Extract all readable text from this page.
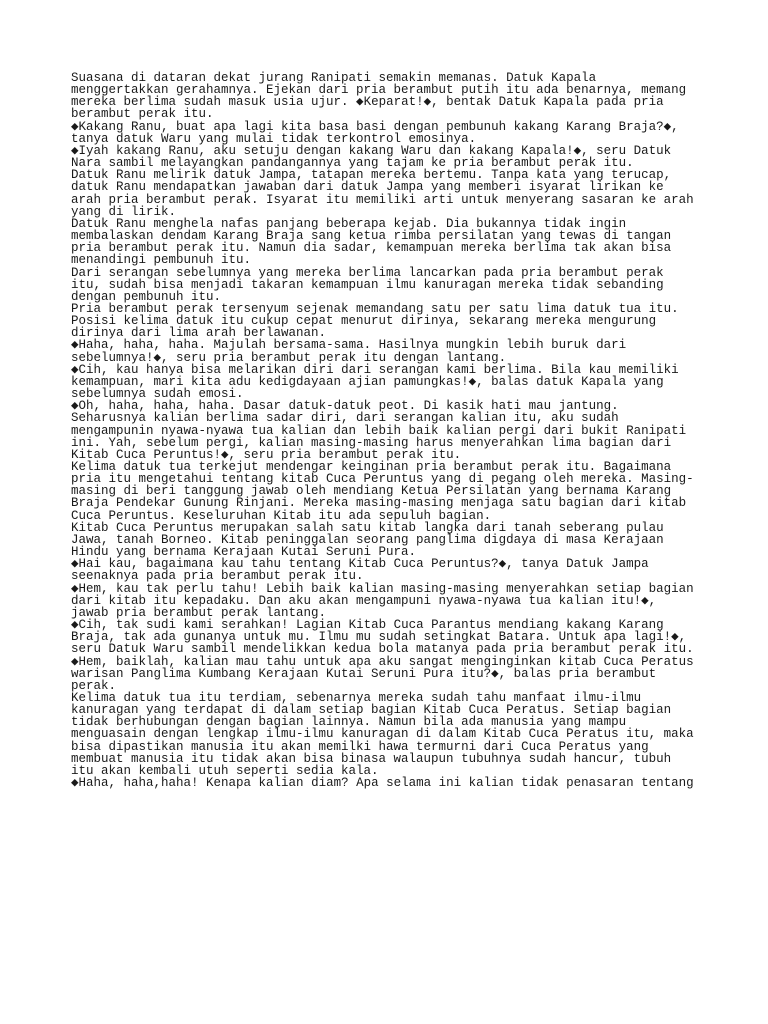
Suasana di dataran dekat jurang Ranipati semakin memanas. Datuk Kapala
menggertakkan gerahamnya. Ejekan dari pria berambut putih itu ada benarnya, memang
mereka berlima sudah masuk usia ujur. ◆Keparat!◆, bentak Datuk Kapala pada pria
berambut perak itu.

◆Kakang Ranu, buat apa lagi kita basa basi dengan pembunuh kakang Karang Braja?◆,
tanya datuk Waru yang mulai tidak terkontrol emosinya.

◆Iyah kakang Ranu, aku setuju dengan kakang Waru dan kakang Kapala!◆, seru Datuk
Nara sambil melayangkan pandangannya yang tajam ke pria berambut perak itu.

Datuk Ranu melirik datuk Jampa, tatapan mereka bertemu. Tanpa kata yang terucap,
datuk Ranu mendapatkan jawaban dari datuk Jampa yang memberi isyarat lirikan ke
arah pria berambut perak. Isyarat itu memiliki arti untuk menyerang sasaran ke arah
yang di lirik.

Datuk Ranu menghela nafas panjang beberapa kejab. Dia bukannya tidak ingin
membalaskan dendam Karang Braja sang ketua rimba persilatan yang tewas di tangan
pria berambut perak itu. Namun dia sadar, kemampuan mereka berlima tak akan bisa
menandingi pembunuh itu.

Dari serangan sebelumnya yang mereka berlima lancarkan pada pria berambut perak
itu, sudah bisa menjadi takaran kemampuan ilmu kanuragan mereka tidak sebanding
dengan pembunuh itu.

Pria berambut perak tersenyum sejenak memandang satu per satu lima datuk tua itu.
Posisi kelima datuk itu cukup cepat menurut dirinya, sekarang mereka mengurung
dirinya dari lima arah berlawanan.

◆Haha, haha, haha. Majulah bersama-sama. Hasilnya mungkin lebih buruk dari
sebelumnya!◆, seru pria berambut perak itu dengan lantang.

◆Cih, kau hanya bisa melarikan diri dari serangan kami berlima. Bila kau memiliki
kemampuan, mari kita adu kedigdayaan ajian pamungkas!◆, balas datuk Kapala yang
sebelumnya sudah emosi.

◆Oh, haha, haha, haha. Dasar datuk-datuk peot. Di kasik hati mau jantung.
Seharusnya kalian berlima sadar diri, dari serangan kalian itu, aku sudah
mengampunin nyawa-nyawa tua kalian dan lebih baik kalian pergi dari bukit Ranipati
ini. Yah, sebelum pergi, kalian masing-masing harus menyerahkan lima bagian dari
Kitab Cuca Peruntus!◆, seru pria berambut perak itu.

Kelima datuk tua terkejut mendengar keinginan pria berambut perak itu. Bagaimana
pria itu mengetahui tentang kitab Cuca Peruntus yang di pegang oleh mereka. Masing-
masing di beri tanggung jawab oleh mendiang Ketua Persilatan yang bernama Karang
Braja Pendekar Gunung Rinjani. Mereka masing-masing menjaga satu bagian dari kitab
Cuca Peruntus. Keseluruhan Kitab itu ada sepuluh bagian.

Kitab Cuca Peruntus merupakan salah satu kitab langka dari tanah seberang pulau
Jawa, tanah Borneo. Kitab peninggalan seorang panglima digdaya di masa Kerajaan
Hindu yang bernama Kerajaan Kutai Seruni Pura.

◆Hai kau, bagaimana kau tahu tentang Kitab Cuca Peruntus?◆, tanya Datuk Jampa
seenaknya pada pria berambut perak itu.

◆Hem, kau tak perlu tahu! Lebih baik kalian masing-masing menyerahkan setiap bagian
dari kitab itu kepadaku. Dan aku akan mengampuni nyawa-nyawa tua kalian itu!◆,
jawab pria berambut perak lantang.

◆Cih, tak sudi kami serahkan! Lagian Kitab Cuca Parantus mendiang kakang Karang
Braja, tak ada gunanya untuk mu. Ilmu mu sudah setingkat Batara. Untuk apa lagi!◆,
seru Datuk Waru sambil mendelikkan kedua bola matanya pada pria berambut perak itu.

◆Hem, baiklah, kalian mau tahu untuk apa aku sangat menginginkan kitab Cuca Peratus
warisan Panglima Kumbang Kerajaan Kutai Seruni Pura itu?◆, balas pria berambut
perak.

Kelima datuk tua itu terdiam, sebenarnya mereka sudah tahu manfaat ilmu-ilmu
kanuragan yang terdapat di dalam setiap bagian Kitab Cuca Peratus. Setiap bagian
tidak berhubungan dengan bagian lainnya. Namun bila ada manusia yang mampu
menguasain dengan lengkap ilmu-ilmu kanuragan di dalam Kitab Cuca Peratus itu, maka
bisa dipastikan manusia itu akan memilki hawa termurni dari Cuca Peratus yang
membuat manusia itu tidak akan bisa binasa walaupun tubuhnya sudah hancur, tubuh
itu akan kembali utuh seperti sedia kala.

◆Haha, haha,haha! Kenapa kalian diam? Apa selama ini kalian tidak penasaran tentang
